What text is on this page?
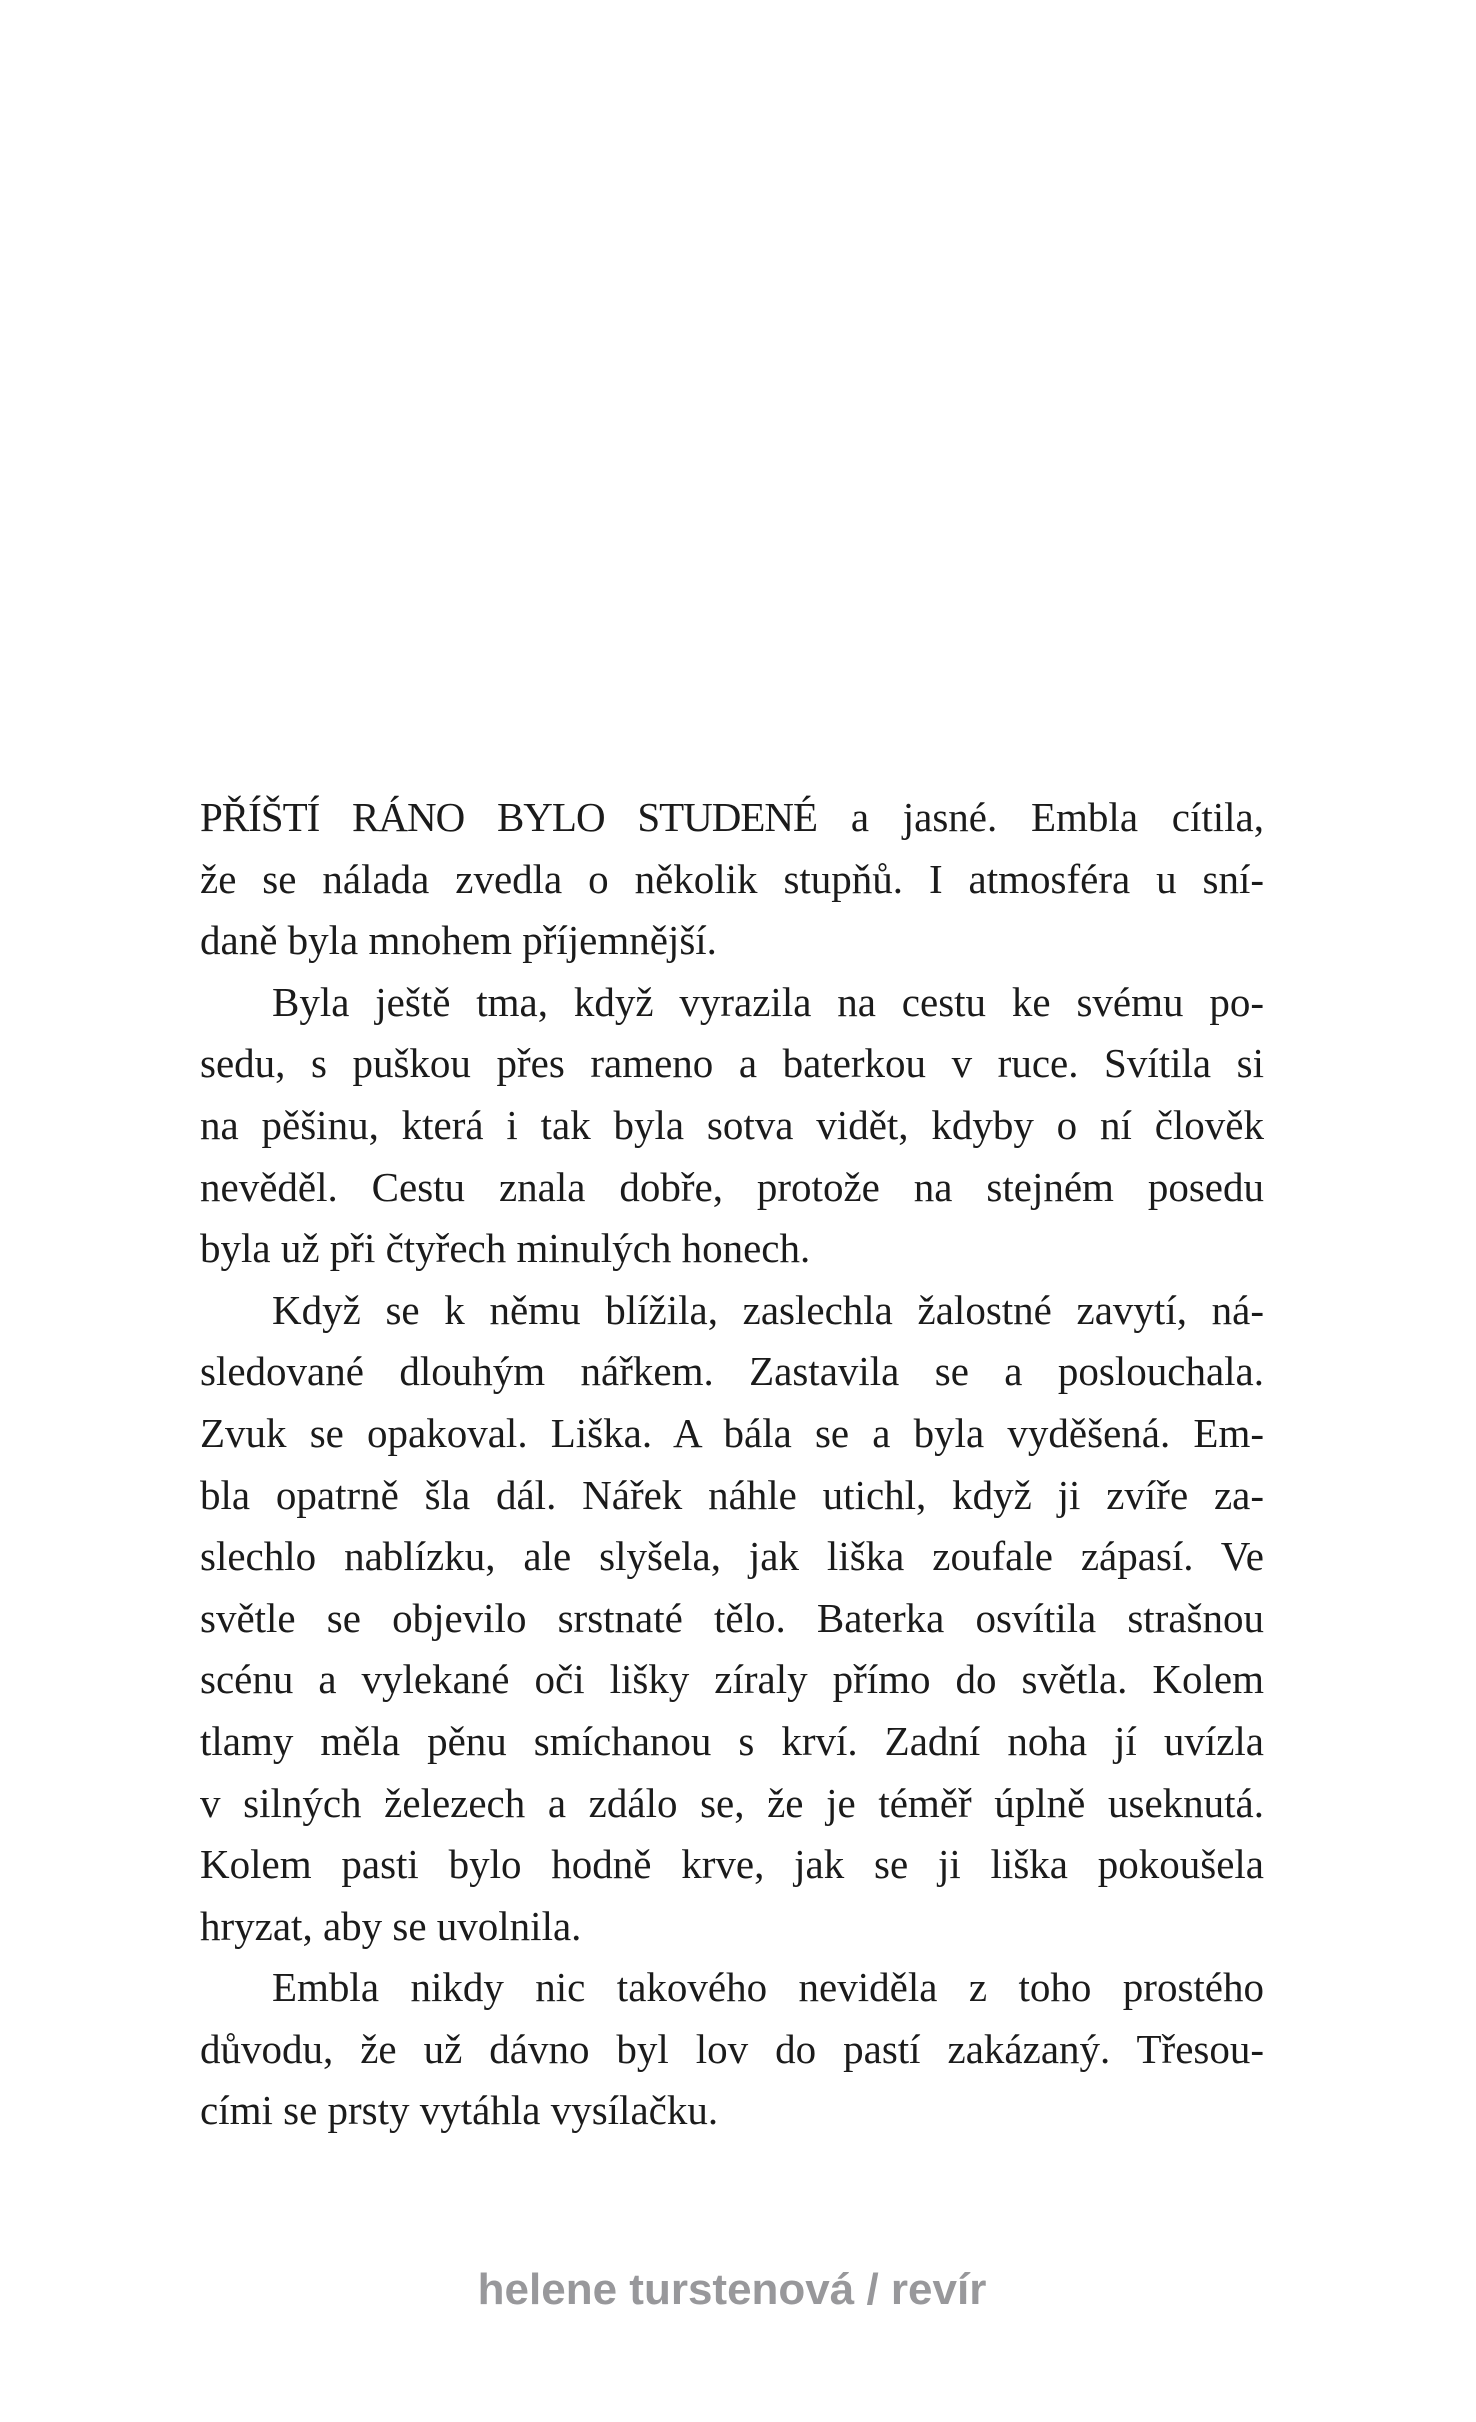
PŘÍŠTÍ RÁNO BYLO STUDENÉ a jasné. Embla cítila,
že se nálada zvedla o několik stupňů. I atmosféra u sní-
daně byla mnohem příjemnější.
Byla ještě tma, když vyrazila na cestu ke svému po-
sedu, s puškou přes rameno a baterkou v ruce. Svítila si
na pěšinu, která i tak byla sotva vidět, kdyby o ní člověk
nevěděl. Cestu znala dobře, protože na stejném posedu
byla už při čtyřech minulých honech.
Když se k němu blížila, zaslechla žalostné zavytí, ná-
sledované dlouhým nářkem. Zastavila se a poslouchala.
Zvuk se opakoval. Liška. A bála se a byla vyděšená. Em-
bla opatrně šla dál. Nářek náhle utichl, když ji zvíře za-
slechlo nablízku, ale slyšela, jak liška zoufale zápasí. Ve
světle se objevilo srstnaté tělo. Baterka osvítila strašnou
scénu a vylekané oči lišky zíraly přímo do světla. Kolem
tlamy měla pěnu smíchanou s krví. Zadní noha jí uvízla
v silných železech a zdálo se, že je téměř úplně useknutá.
Kolem pasti bylo hodně krve, jak se ji liška pokoušela
hryzat, aby se uvolnila.
Embla nikdy nic takového neviděla z toho prostého
důvodu, že už dávno byl lov do pastí zakázaný. Třesou-
cími se prsty vytáhla vysílačku.
helene turstenová / revír
